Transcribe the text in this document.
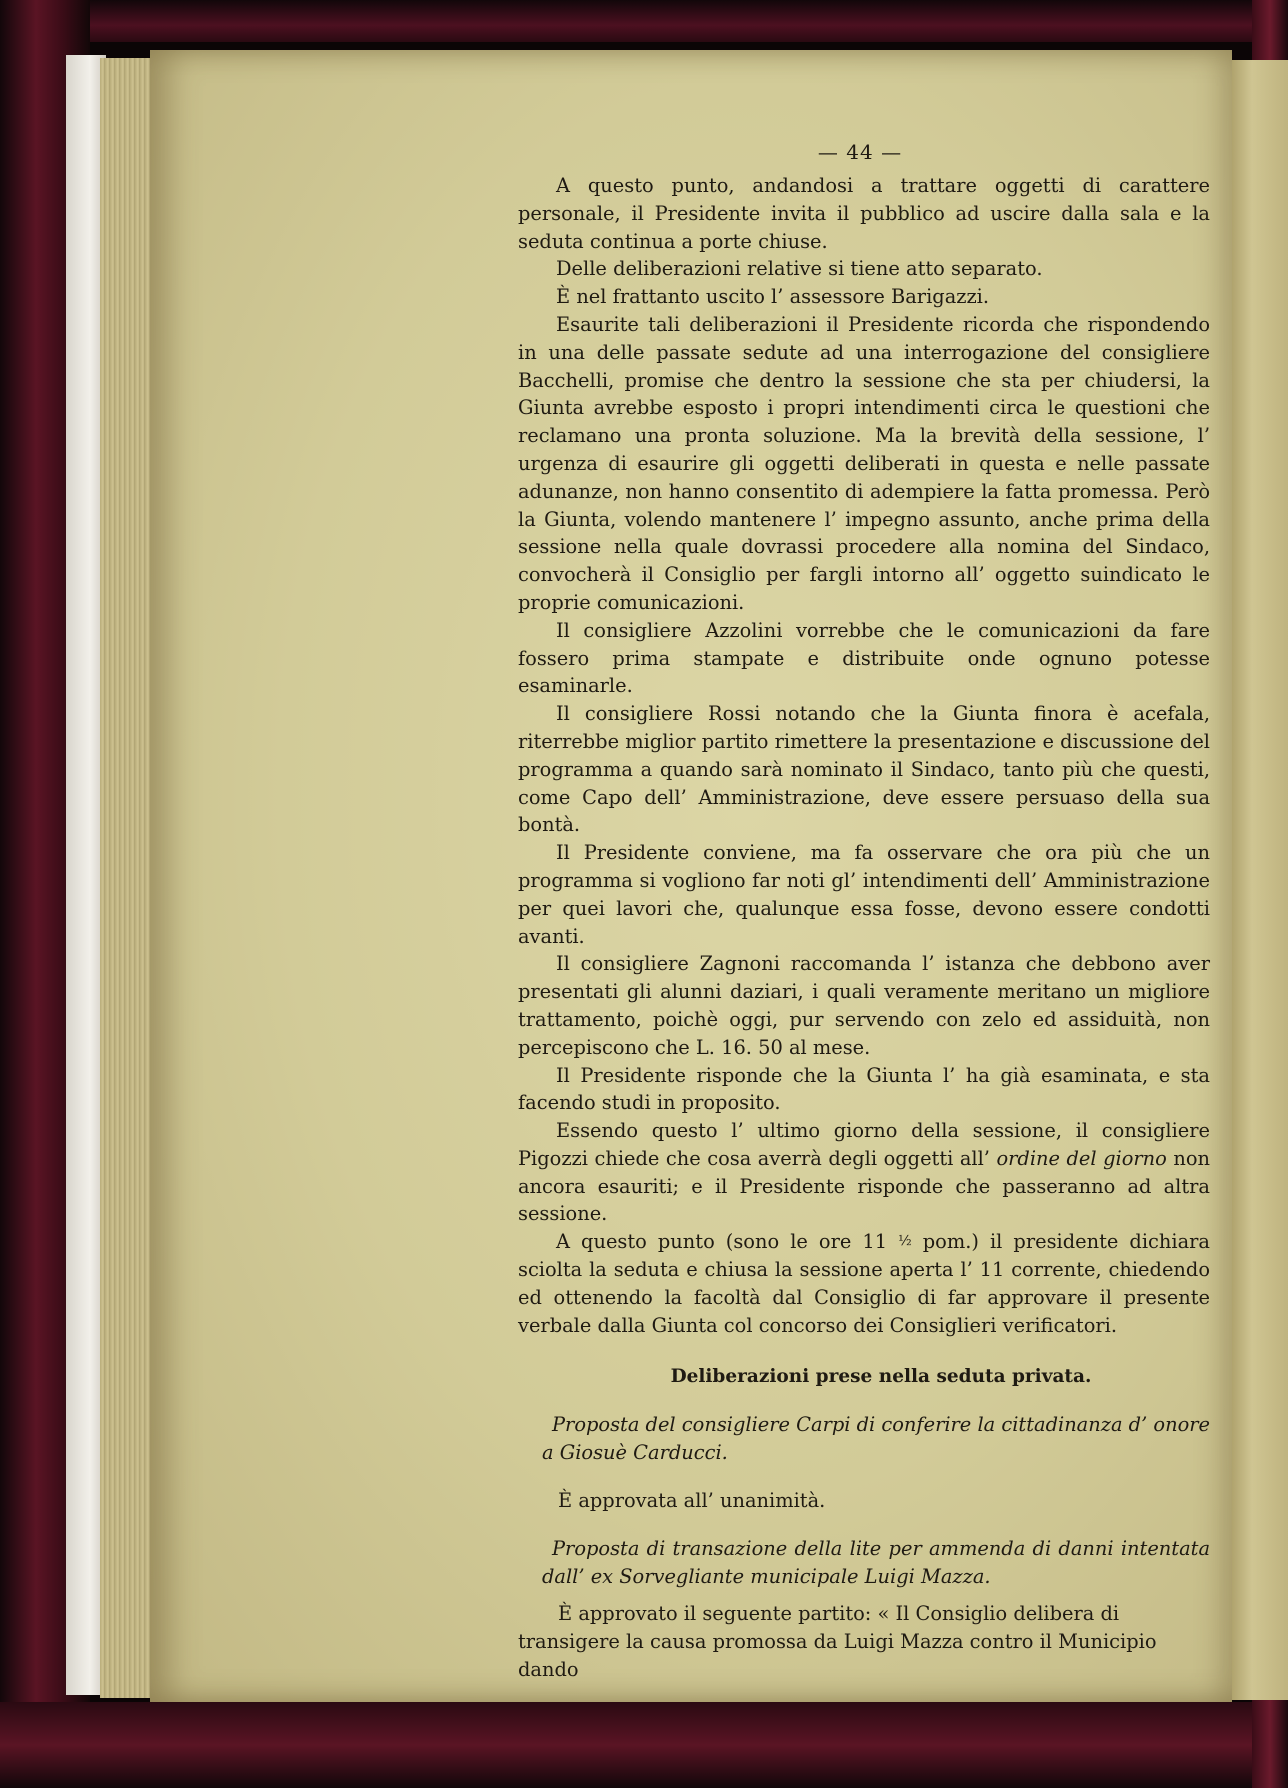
— 44 —

A questo punto, andandosi a trattare oggetti di carattere personale, il Presidente invita il pubblico ad uscire dalla sala e la seduta continua a porte chiuse.

Delle deliberazioni relative si tiene atto separato.

È nel frattanto uscito l’ assessore Barigazzi.

Esaurite tali deliberazioni il Presidente ricorda che rispondendo in una delle passate sedute ad una interrogazione del consigliere Bacchelli, promise che dentro la sessione che sta per chiudersi, la Giunta avrebbe esposto i propri intendimenti circa le questioni che reclamano una pronta soluzione. Ma la brevità della sessione, l’ urgenza di esaurire gli oggetti deliberati in questa e nelle passate adunanze, non hanno consentito di adempiere la fatta promessa. Però la Giunta, volendo mantenere l’ impegno assunto, anche prima della sessione nella quale dovrassi procedere alla nomina del Sindaco, convocherà il Consiglio per fargli intorno all’ oggetto suindicato le proprie comunicazioni.

Il consigliere Azzolini vorrebbe che le comunicazioni da fare fossero prima stampate e distribuite onde ognuno potesse esaminarle.

Il consigliere Rossi notando che la Giunta finora è acefala, riterrebbe miglior partito rimettere la presentazione e discussione del programma a quando sarà nominato il Sindaco, tanto più che questi, come Capo dell’ Amministrazione, deve essere persuaso della sua bontà.

Il Presidente conviene, ma fa osservare che ora più che un programma si vogliono far noti gl’ intendimenti dell’ Amministrazione per quei lavori che, qualunque essa fosse, devono essere condotti avanti.

Il consigliere Zagnoni raccomanda l’ istanza che debbono aver presentati gli alunni daziari, i quali veramente meritano un migliore trattamento, poichè oggi, pur servendo con zelo ed assiduità, non percepiscono che L. 16. 50 al mese.

Il Presidente risponde che la Giunta l’ ha già esaminata, e sta facendo studi in proposito.

Essendo questo l’ ultimo giorno della sessione, il consigliere Pigozzi chiede che cosa averrà degli oggetti all’ ordine del giorno non ancora esauriti; e il Presidente risponde che passeranno ad altra sessione.

A questo punto (sono le ore 11 ½ pom.) il presidente dichiara sciolta la seduta e chiusa la sessione aperta l’ 11 corrente, chiedendo ed ottenendo la facoltà dal Consiglio di far approvare il presente verbale dalla Giunta col concorso dei Consiglieri verificatori.

Deliberazioni prese nella seduta privata.

Proposta del consigliere Carpi di conferire la cittadinanza d’ onore a Giosuè Carducci.

È approvata all’ unanimità.

Proposta di transazione della lite per ammenda di danni intentata dall’ ex Sorvegliante municipale Luigi Mazza.

È approvato il seguente partito: « Il Consiglio delibera di transigere la causa promossa da Luigi Mazza contro il Municipio dando
